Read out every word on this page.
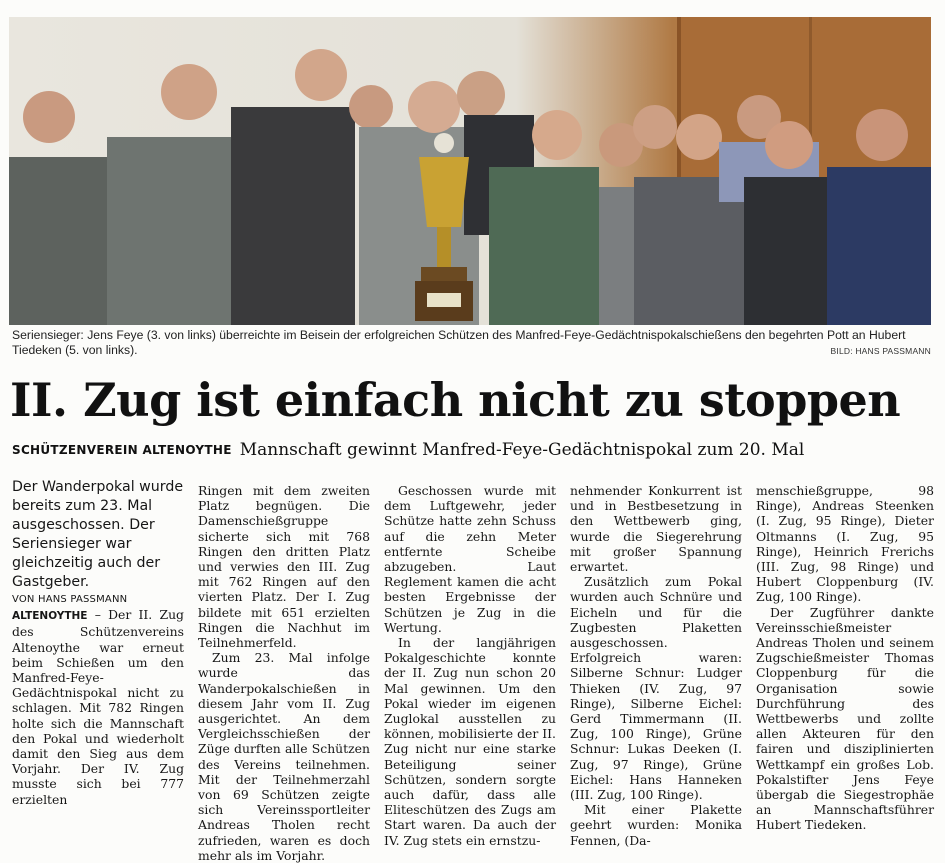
Seriensieger: Jens Feye (3. von links) überreichte im Beisein der erfolgreichen Schützen des Manfred-Feye-Gedächtnispokalschießens den begehrten Pott an Hubert Tiedeken (5. von links).	BILD: HANS PASSMANN
II. Zug ist einfach nicht zu stoppen
SCHÜTZENVEREIN ALTENOYTHE Mannschaft gewinnt Manfred-Feye-Gedächtnispokal zum 20. Mal

Der Wanderpokal wurde bereits zum 23. Mal ausgeschossen. Der Seriensieger war gleichzeitig auch der Gastgeber.

VON HANS PASSMANN

ALTENOYTHE – Der II. Zug des Schützenvereins Altenoythe war erneut beim Schießen um den Manfred-Feye-Gedächtnispokal nicht zu schlagen. Mit 782 Ringen holte sich die Mannschaft den Pokal und wiederholt damit den Sieg aus dem Vorjahr. Der IV. Zug musste sich bei 777 erzielten

Ringen mit dem zweiten Platz begnügen. Die Damenschießgruppe sicherte sich mit 768 Ringen den dritten Platz und verwies den III. Zug mit 762 Ringen auf den vierten Platz. Der I. Zug bildete mit 651 erzielten Ringen die Nachhut im Teilnehmerfeld.

Zum 23. Mal infolge wurde das Wanderpokalschießen in diesem Jahr vom II. Zug ausgerichtet. An dem Vergleichsschießen der Züge durften alle Schützen des Vereins teilnehmen. Mit der Teilnehmerzahl von 69 Schützen zeigte sich Vereinssportleiter Andreas Tholen recht zufrieden, waren es doch mehr als im Vorjahr.

Geschossen wurde mit dem Luftgewehr, jeder Schütze hatte zehn Schuss auf die zehn Meter entfernte Scheibe abzugeben. Laut Reglement kamen die acht besten Ergebnisse der Schützen je Zug in die Wertung.

In der langjährigen Pokalgeschichte konnte der II. Zug nun schon 20 Mal gewinnen. Um den Pokal wieder im eigenen Zuglokal ausstellen zu können, mobilisierte der II. Zug nicht nur eine starke Beteiligung seiner Schützen, sondern sorgte auch dafür, dass alle Eliteschützen des Zugs am Start waren. Da auch der IV. Zug stets ein ernstzu-

nehmender Konkurrent ist und in Bestbesetzung in den Wettbewerb ging, wurde die Siegerehrung mit großer Spannung erwartet.

Zusätzlich zum Pokal wurden auch Schnüre und Eicheln und für die Zugbesten Plaketten ausgeschossen. Erfolgreich waren: Silberne Schnur: Ludger Thieken (IV. Zug, 97 Ringe), Silberne Eichel: Gerd Timmermann (II. Zug, 100 Ringe), Grüne Schnur: Lukas Deeken (I. Zug, 97 Ringe), Grüne Eichel: Hans Hanneken (III. Zug, 100 Ringe).

Mit einer Plakette geehrt wurden: Monika Fennen, (Da-

menschießgruppe, 98 Ringe), Andreas Steenken (I. Zug, 95 Ringe), Dieter Oltmanns (I. Zug, 95 Ringe), Heinrich Frerichs (III. Zug, 98 Ringe) und Hubert Cloppenburg (IV. Zug, 100 Ringe).

Der Zugführer dankte Vereinsschießmeister Andreas Tholen und seinem Zugschießmeister Thomas Cloppenburg für die Organisation sowie Durchführung des Wettbewerbs und zollte allen Akteuren für den fairen und disziplinierten Wettkampf ein großes Lob. Pokalstifter Jens Feye übergab die Siegestrophäe an Mannschaftsführer Hubert Tiedeken.
